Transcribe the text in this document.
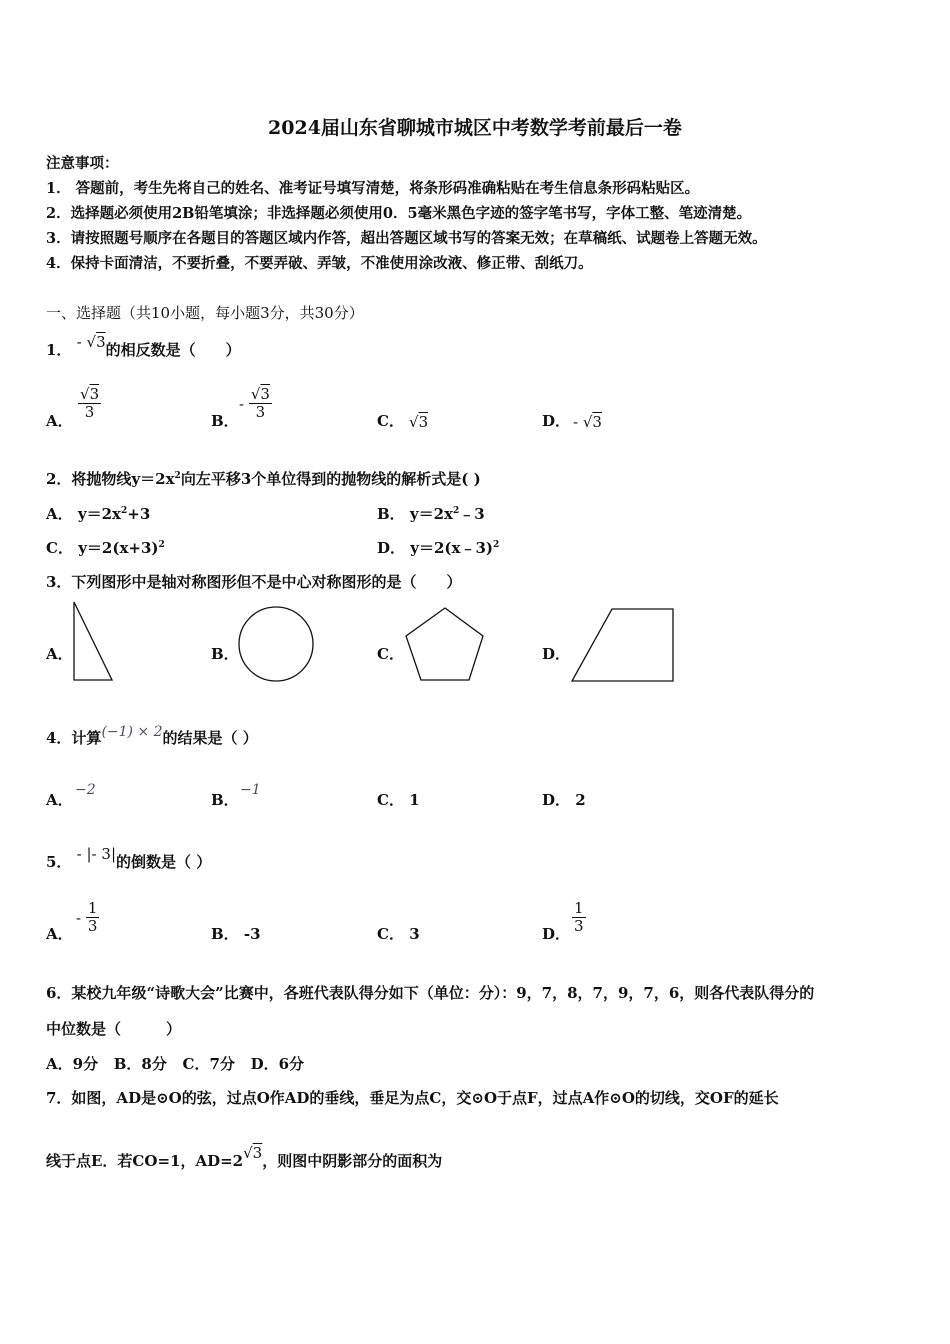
2024届山东省聊城市城区中考数学考前最后一卷
注意事项：
1． 答题前，考生先将自己的姓名、准考证号填写清楚，将条形码准确粘贴在考生信息条形码粘贴区。
2．选择题必须使用2B铅笔填涂；非选择题必须使用0．5毫米黑色字迹的签字笔书写，字体工整、笔迹清楚。
3．请按照题号顺序在各题目的答题区域内作答，超出答题区域书写的答案无效；在草稿纸、试题卷上答题无效。
4．保持卡面清洁，不要折叠，不要弄破、弄皱，不准使用涂改液、修正带、刮纸刀。
一、选择题（共10小题，每小题3分，共30分）
1． - √3的相反数是（　　）
A． $\frac{√3}{3}$	B．
- $\frac{√3}{3}$	C． √3	D． - √3
2．将抛物线$y=2x^2$向左平移3个单位得到的抛物线的解析式是( )
A． $y=2x^2+3$	B． $y=2x^2﹣3$
C． $y=2(x+3)^2$	D． y＝2(x﹣3)$^2$
3．下列图形中是轴对称图形但不是中心对称图形的是（　　）
A．	B．	C．	D．
4．计算(−1) × 2的结果是（ ）
A．
−2
B．
−1
C． 1	D． 2
5． - |- 3|的倒数是（ ）
A．
- $\frac{1}{3}$	B． -3	C． 3	D． $\frac{1}{3}$
6．某校九年级“诗歌大会”比赛中，各班代表队得分如下（单位：分）：9，7，8，7，9，7，6，则各代表队得分的
中位数是（　　　）
A．9分   B．8分   C．7分   D．6分
7．如图，AD是⊙O的弦，过点O作AD的垂线，垂足为点C，交⊙O于点F，过点A作⊙O的切线，交OF的延长
线于点E．若CO=1，AD=2√3，则图中阴影部分的面积为
